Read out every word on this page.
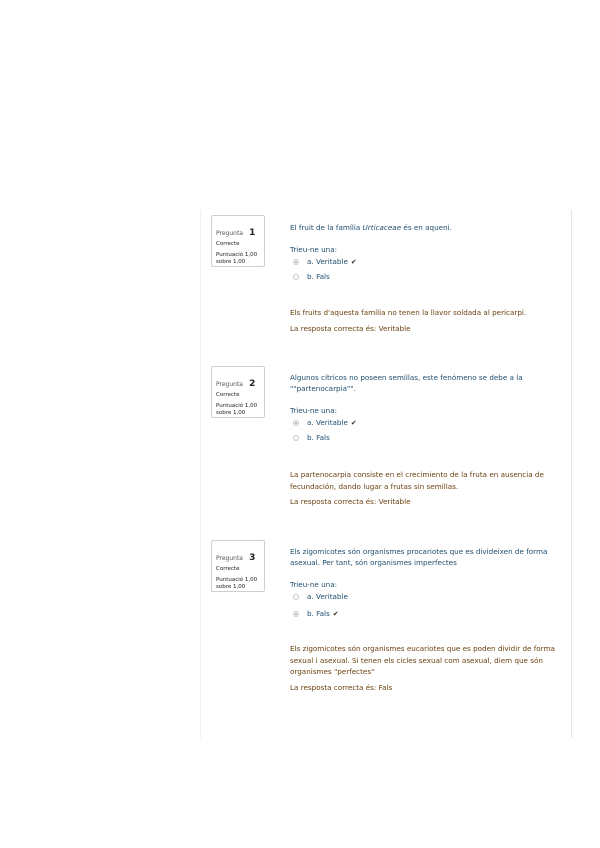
Pregunta 1
Correcte
Puntuació 1,00
sobre 1,00
El fruit de la família Urticaceae és en aqueni.
Trieu-ne una:
a. Veritable ✔
b. Fals
Els fruits d'aquesta família no tenen la llavor soldada al pericarpi.
La resposta correcta és: Veritable
Pregunta 2
Correcte
Puntuació 1,00
sobre 1,00
Algunos cítricos no poseen semillas, este fenómeno se debe a la ""partenocarpia"".
Trieu-ne una:
a. Veritable ✔
b. Fals
La partenocarpia consiste en el crecimiento de la fruta en ausencia de fecundación, dando lugar a frutas sin semillas.
La resposta correcta és: Veritable
Pregunta 3
Correcte
Puntuació 1,00
sobre 1,00
Els zigomicotes són organismes procariotes que es divideixen de forma asexual. Per tant, són organismes imperfectes
Trieu-ne una:
a. Veritable
b. Fals ✔
Els zigomicotes són organismes eucariotes que es poden dividir de forma sexual i asexual. Si tenen els cicles sexual com asexual, diem que són organismes "perfectes"
La resposta correcta és: Fals
